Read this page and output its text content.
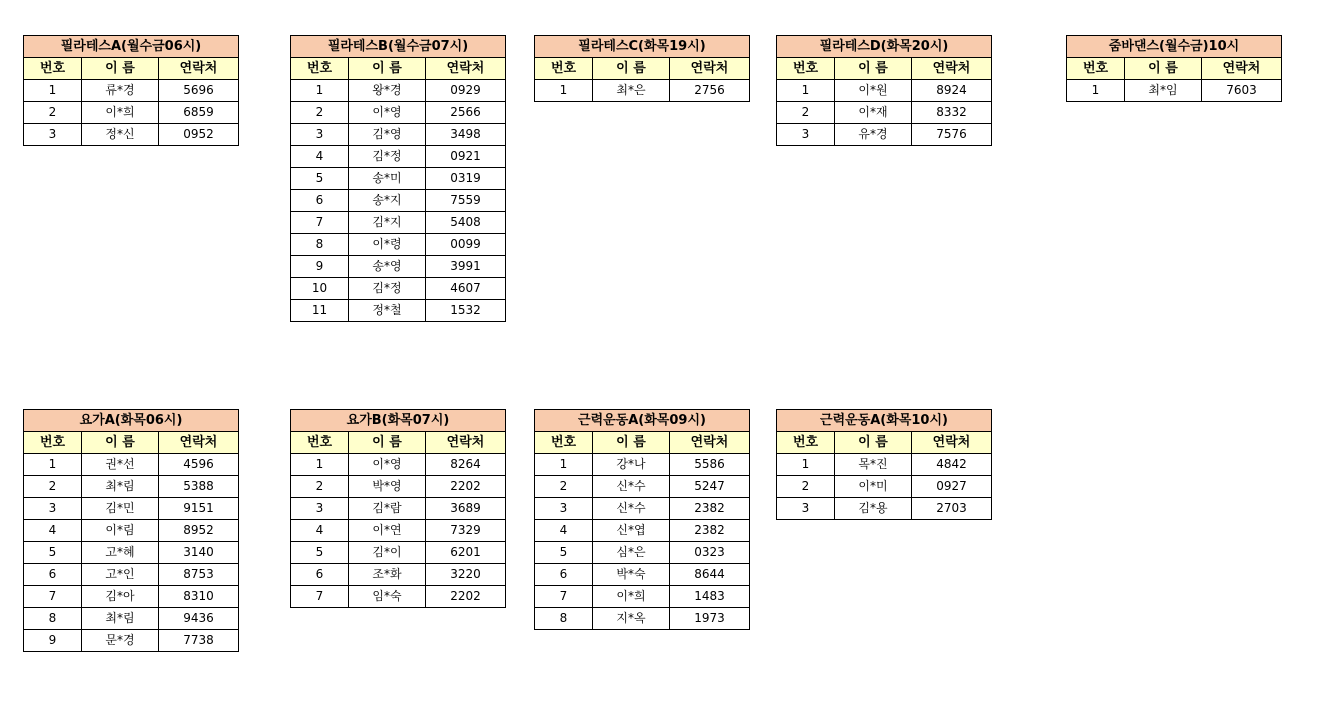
필라테스A(월수금06시)		
번호	이 름	연락처
1	류*경	5696
2	이*희	6859
3	정*신	0952
필라테스B(월수금07시)		
번호	이 름	연락처
1	왕*경	0929
2	이*영	2566
3	김*영	3498
4	김*정	0921
5	송*미	0319
6	송*지	7559
7	김*지	5408
8	이*령	0099
9	송*영	3991
10	김*정	4607
11	정*철	1532
필라테스C(화목19시)		
번호	이 름	연락처
1	최*은	2756
필라테스D(화목20시)		
번호	이 름	연락처
1	이*원	8924
2	이*재	8332
3	유*경	7576
줌바댄스(월수금)10시		
번호	이 름	연락처
1	최*임	7603
요가A(화목06시)		
번호	이 름	연락처
1	권*선	4596
2	최*림	5388
3	김*민	9151
4	이*림	8952
5	고*혜	3140
6	고*인	8753
7	김*아	8310
8	최*림	9436
9	문*경	7738
요가B(화목07시)		
번호	이 름	연락처
1	이*영	8264
2	박*영	2202
3	김*람	3689
4	이*연	7329
5	김*이	6201
6	조*화	3220
7	임*숙	2202
근력운동A(화목09시)		
번호	이 름	연락처
1	강*나	5586
2	신*수	5247
3	신*수	2382
4	신*엽	2382
5	심*은	0323
6	박*숙	8644
7	이*희	1483
8	지*옥	1973
근력운동A(화목10시)		
번호	이 름	연락처
1	목*진	4842
2	이*미	0927
3	김*용	2703
